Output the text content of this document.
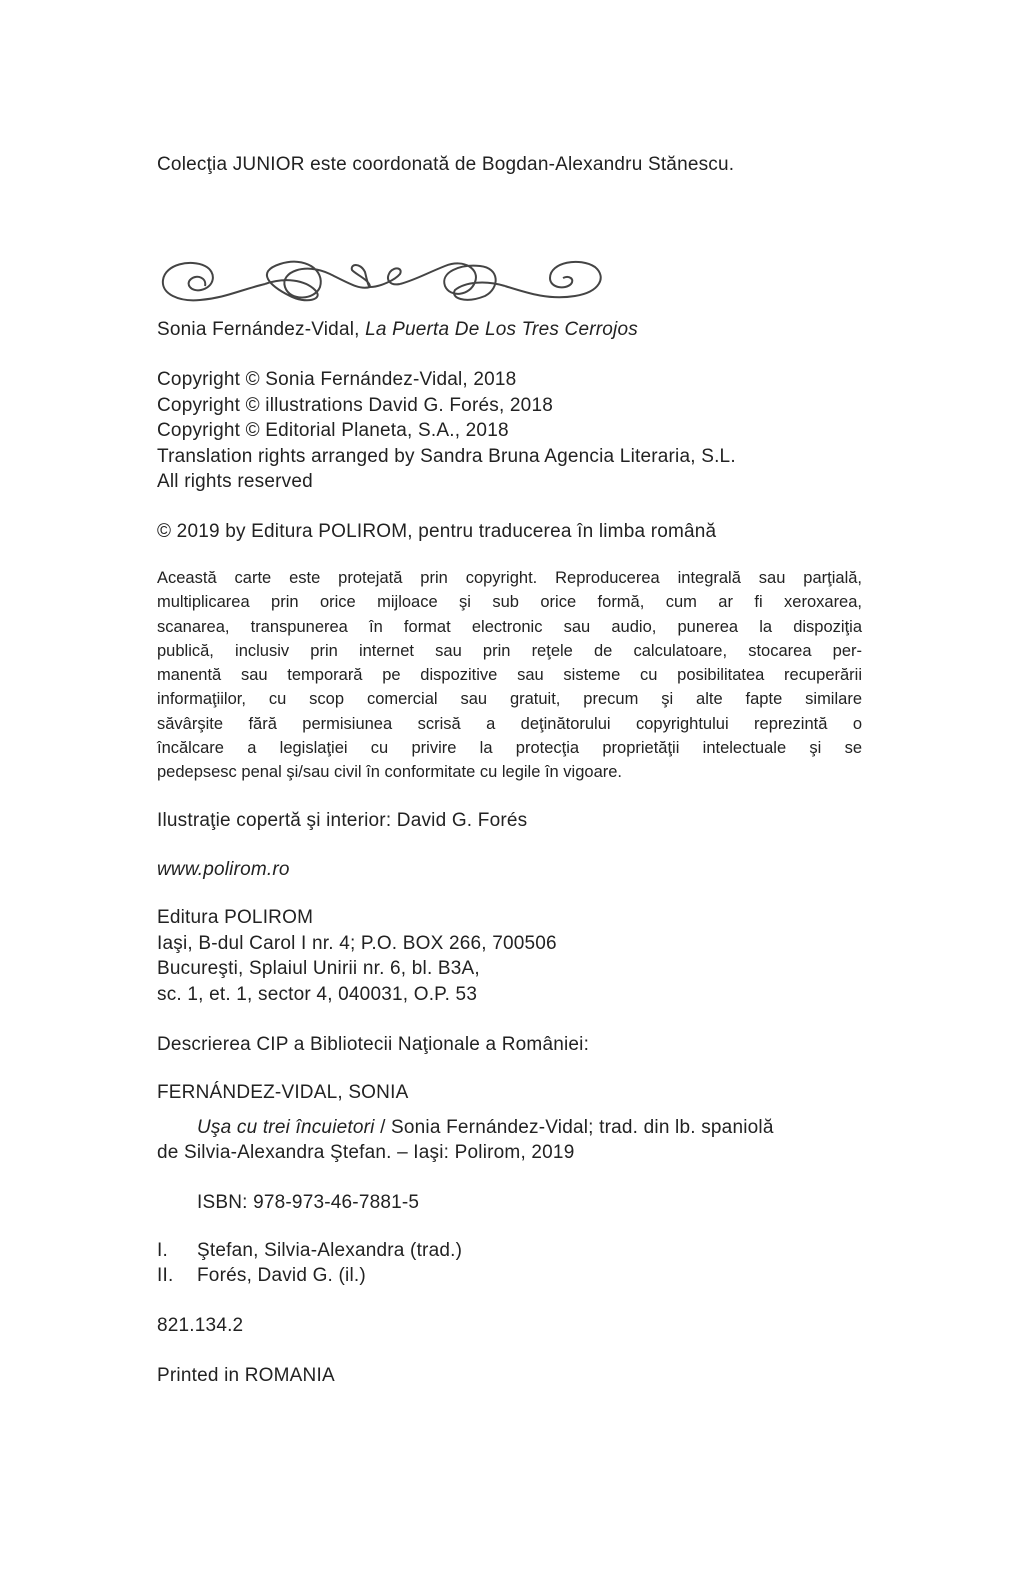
Colecţia JUNIOR este coordonată de Bogdan-Alexandru Stănescu.
Sonia Fernández-Vidal, La Puerta De Los Tres Cerrojos
Copyright © Sonia Fernández-Vidal, 2018
Copyright © illustrations David G. Forés, 2018
Copyright © Editorial Planeta, S.A., 2018
Translation rights arranged by Sandra Bruna Agencia Literaria, S.L.
All rights reserved
© 2019 by Editura POLIROM, pentru traducerea în limba română
Această carte este protejată prin copyright. Reproducerea integrală sau parţială,
multiplicarea prin orice mijloace şi sub orice formă, cum ar fi xeroxarea,
scanarea, transpunerea în format electronic sau audio, punerea la dispoziţia
publică, inclusiv prin internet sau prin reţele de calculatoare, stocarea per-
manentă sau temporară pe dispozitive sau sisteme cu posibilitatea recuperării
informaţiilor, cu scop comercial sau gratuit, precum şi alte fapte similare
săvârşite fără permisiunea scrisă a deţinătorului copyrightului reprezintă o
încălcare a legislaţiei cu privire la protecţia proprietăţii intelectuale şi se
pedepsesc penal şi/sau civil în conformitate cu legile în vigoare.
Ilustraţie copertă şi interior: David G. Forés
www.polirom.ro
Editura POLIROM
Iaşi, B-dul Carol I nr. 4; P.O. BOX 266, 700506
Bucureşti, Splaiul Unirii nr. 6, bl. B3A,
sc. 1, et. 1, sector 4, 040031, O.P. 53
Descrierea CIP a Bibliotecii Naţionale a României:
FERNÁNDEZ-VIDAL, SONIA
Uşa cu trei încuietori / Sonia Fernández-Vidal; trad. din lb. spaniolă
de Silvia-Alexandra Ştefan. – Iaşi: Polirom, 2019
ISBN: 978-973-46-7881-5
I. Ştefan, Silvia-Alexandra (trad.)
II. Forés, David G. (il.)
821.134.2
Printed in ROMANIA
